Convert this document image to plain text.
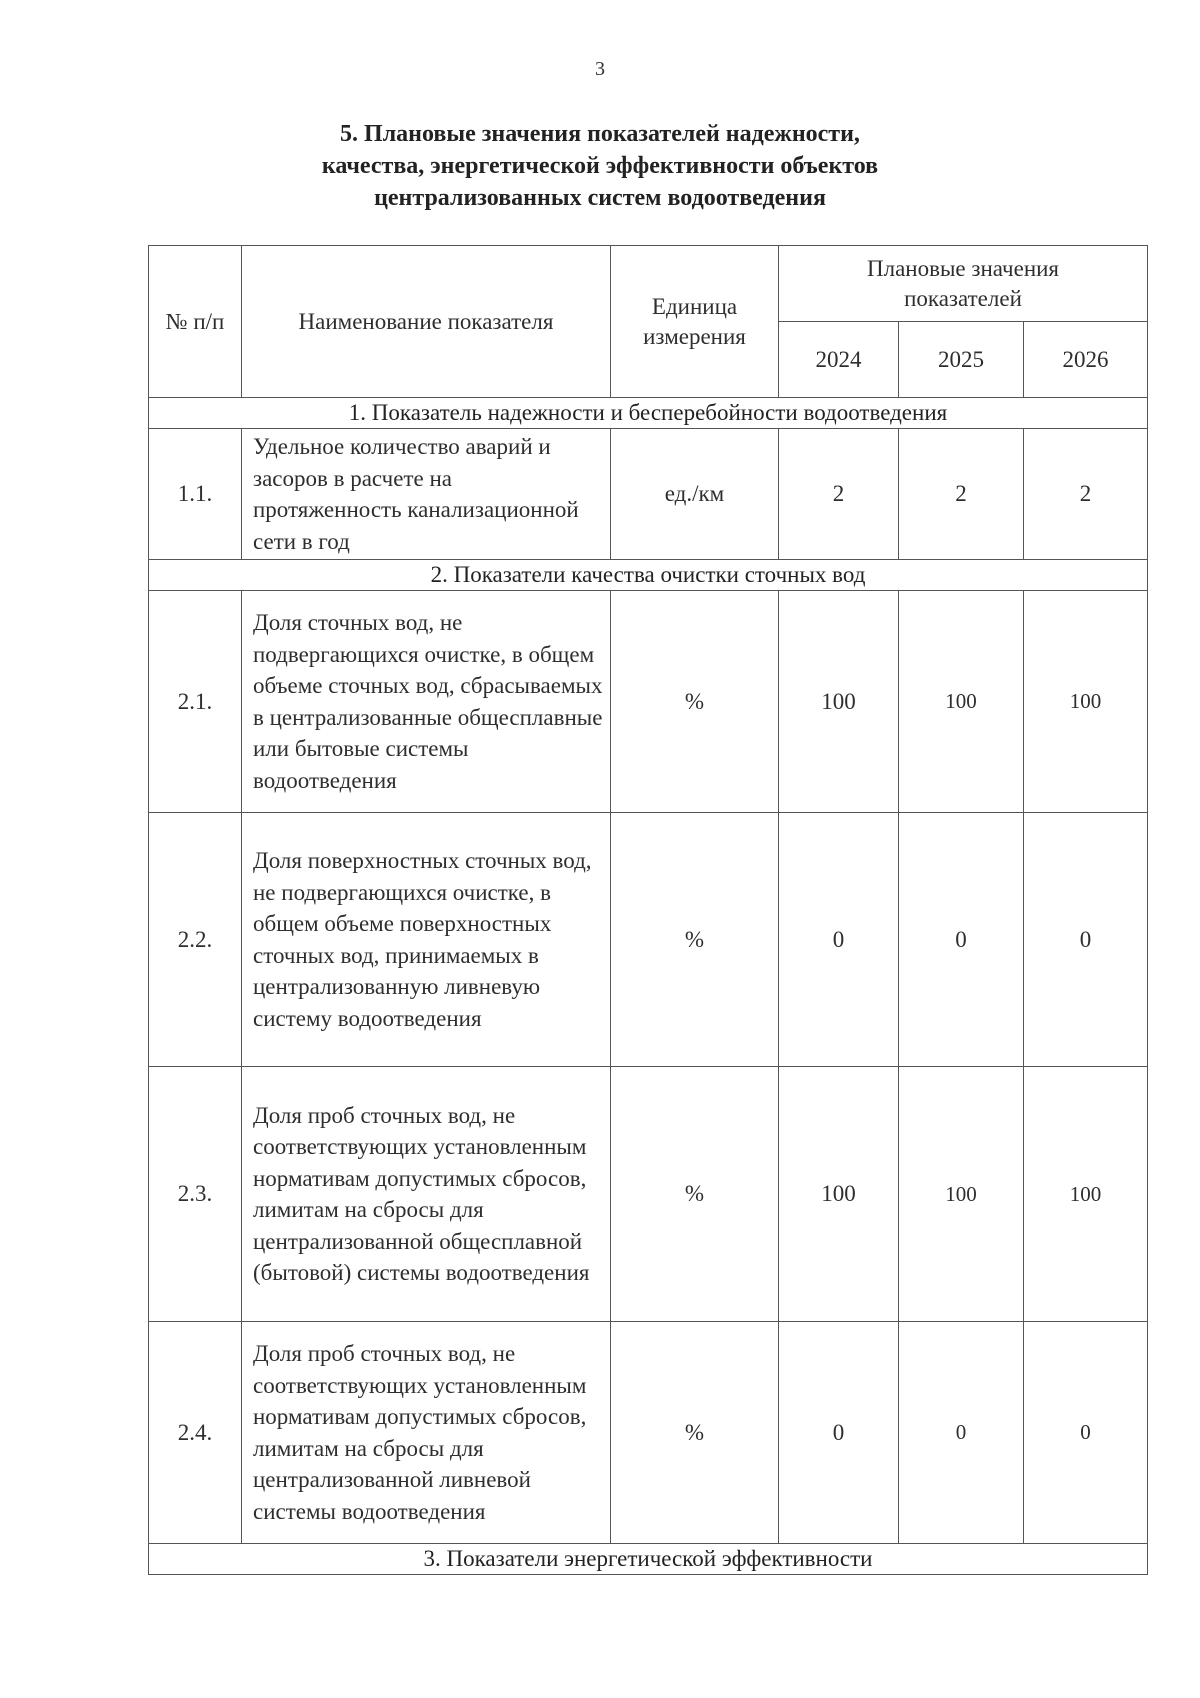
3
5. Плановые значения показателей надежности,
качества, энергетической эффективности объектов
централизованных систем водоотведения
№ п/п	Наименование показателя	Единица измерения	Плановые значения показателей		
			2024	2025	2026
1. Показатель надежности и бесперебойности водоотведения					
1.1.	Удельное количество аварий и засоров в расчете на протяженность канализационной сети в год	ед./км	2	2	2
2. Показатели качества очистки сточных вод					
2.1.	Доля сточных вод, не подвергающихся очистке, в общем объеме сточных вод, сбрасываемых в централизованные общесплавные или бытовые системы водоотведения	%	100	100	100
2.2.	Доля поверхностных сточных вод, не подвергающихся очистке, в общем объеме поверхностных сточных вод, принимаемых в централизованную ливневую систему водоотведения	%	0	0	0
2.3.	Доля проб сточных вод, не соответствующих установленным нормативам допустимых сбросов, лимитам на сбросы для централизованной общесплавной (бытовой) системы водоотведения	%	100	100	100
2.4.	Доля проб сточных вод, не соответствующих установленным нормативам допустимых сбросов, лимитам на сбросы для централизованной ливневой системы водоотведения	%	0	0	0
3. Показатели энергетической эффективности					
